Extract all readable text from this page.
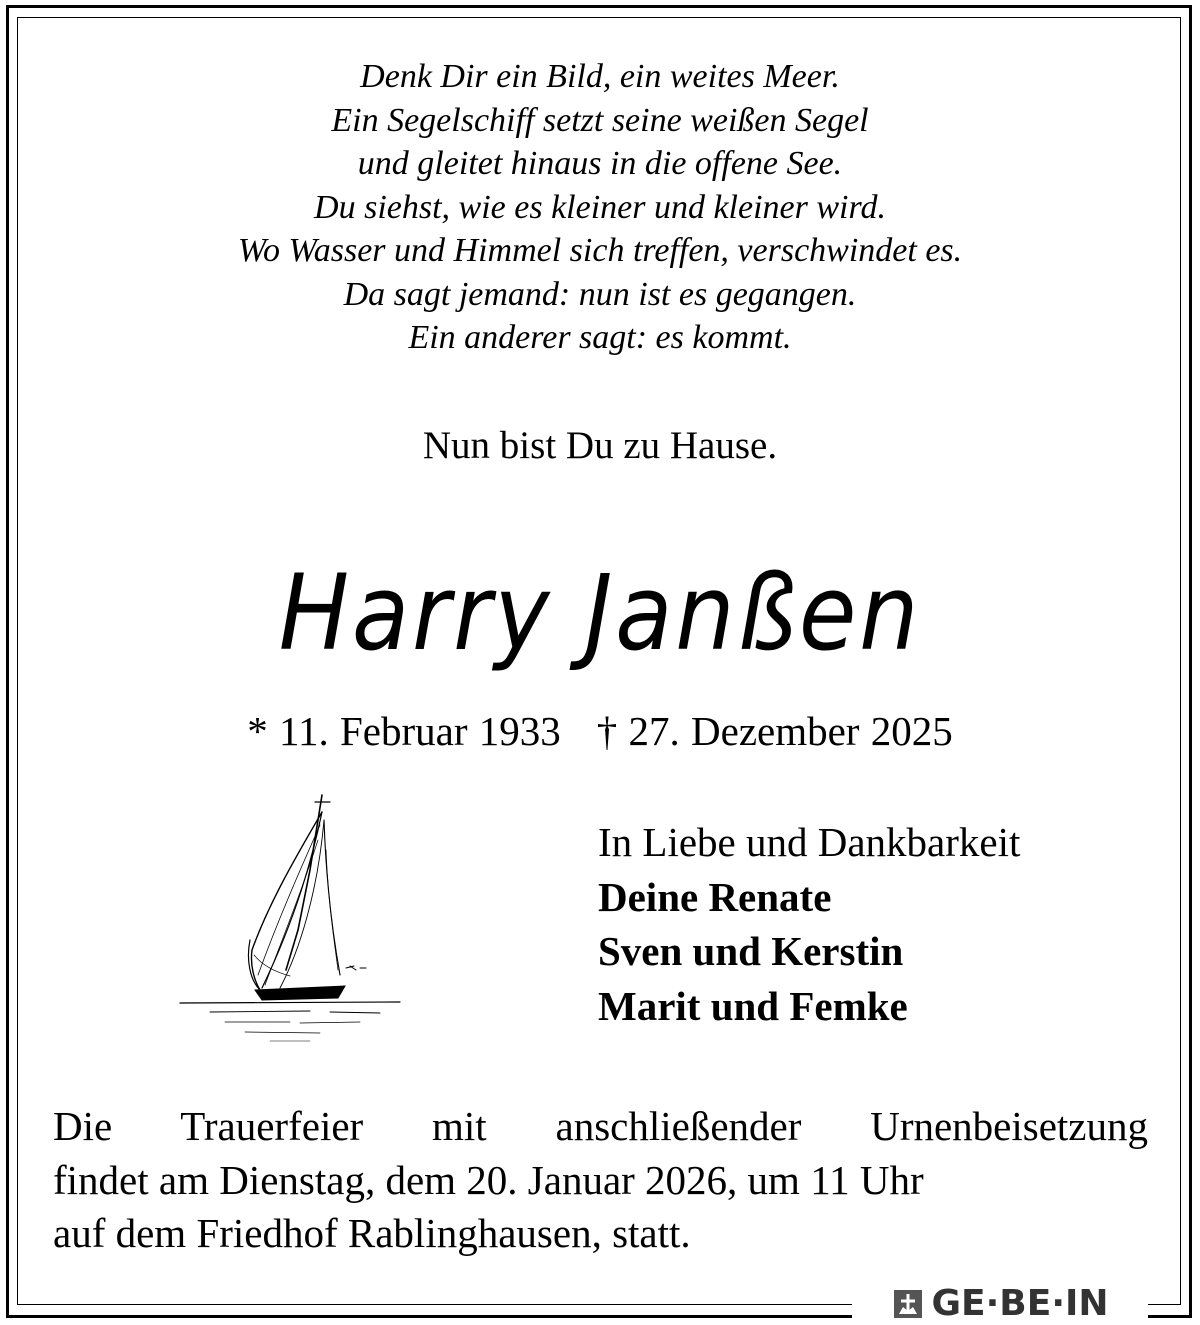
Denk Dir ein Bild, ein weites Meer.
Ein Segelschiff setzt seine weißen Segel
und gleitet hinaus in die offene See.
Du siehst, wie es kleiner und kleiner wird.
Wo Wasser und Himmel sich treffen, verschwindet es.
Da sagt jemand: nun ist es gegangen.
Ein anderer sagt: es kommt.
Nun bist Du zu Hause.
Harry Janßen
* 11. Februar 1933 † 27. Dezember 2025
In Liebe und Dankbarkeit
Deine Renate
Sven und Kerstin
Marit und Femke
Die Trauerfeier mit anschließender Urnenbeisetzung
findet am Dienstag, dem 20. Januar 2026, um 11 Uhr
auf dem Friedhof Rablinghausen, statt.
GE·BE·IN
